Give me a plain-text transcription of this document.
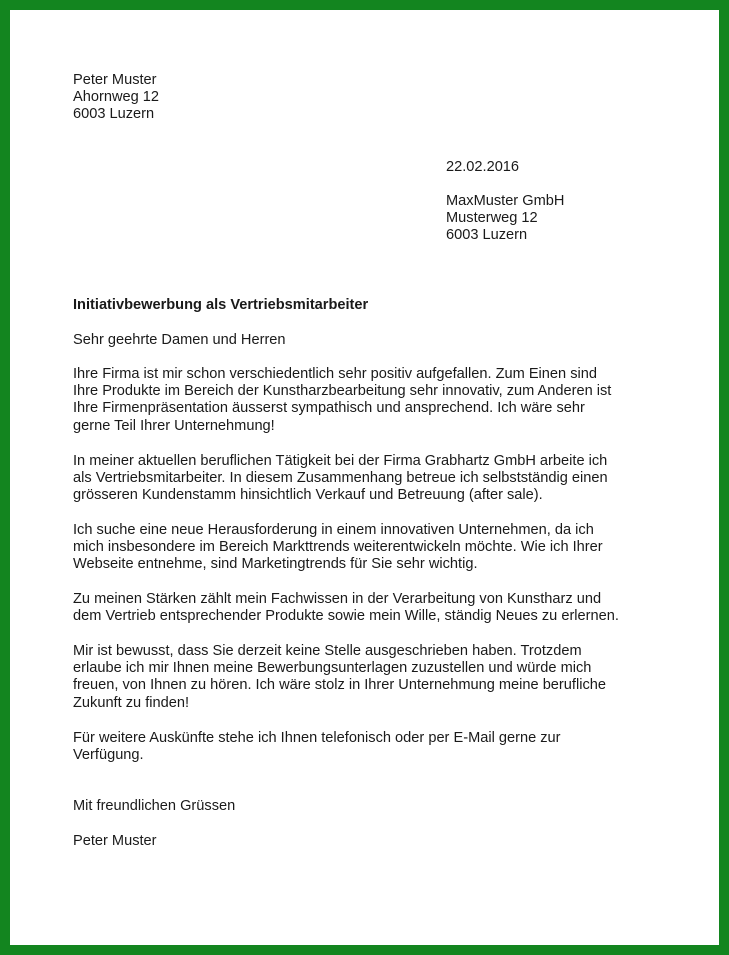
Peter Muster
Ahornweg 12
6003 Luzern
22.02.2016
MaxMuster GmbH
Musterweg 12
6003 Luzern
Initiativbewerbung als Vertriebsmitarbeiter
Sehr geehrte Damen und Herren
Ihre Firma ist mir schon verschiedentlich sehr positiv aufgefallen. Zum Einen sind
Ihre Produkte im Bereich der Kunstharzbearbeitung sehr innovativ, zum Anderen ist
Ihre Firmenpräsentation äusserst sympathisch und ansprechend. Ich wäre sehr
gerne Teil Ihrer Unternehmung!
In meiner aktuellen beruflichen Tätigkeit bei der Firma Grabhartz GmbH arbeite ich
als Vertriebsmitarbeiter. In diesem Zusammenhang betreue ich selbstständig einen
grösseren Kundenstamm hinsichtlich Verkauf und Betreuung (after sale).
Ich suche eine neue Herausforderung in einem innovativen Unternehmen, da ich
mich insbesondere im Bereich Markttrends weiterentwickeln möchte. Wie ich Ihrer
Webseite entnehme, sind Marketingtrends für Sie sehr wichtig.
Zu meinen Stärken zählt mein Fachwissen in der Verarbeitung von Kunstharz und
dem Vertrieb entsprechender Produkte sowie mein Wille, ständig Neues zu erlernen.
Mir ist bewusst, dass Sie derzeit keine Stelle ausgeschrieben haben. Trotzdem
erlaube ich mir Ihnen meine Bewerbungsunterlagen zuzustellen und würde mich
freuen, von Ihnen zu hören. Ich wäre stolz in Ihrer Unternehmung meine berufliche
Zukunft zu finden!
Für weitere Auskünfte stehe ich Ihnen telefonisch oder per E-Mail gerne zur
Verfügung.
Mit freundlichen Grüssen
Peter Muster
